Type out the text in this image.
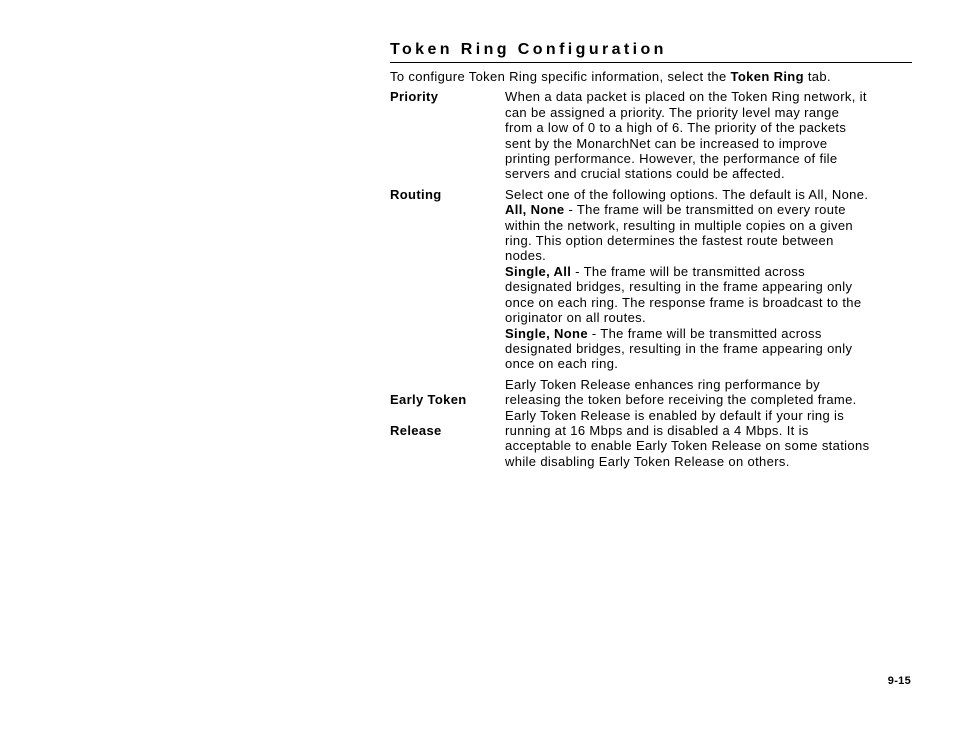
Token Ring Configuration
To configure Token Ring specific information, select the Token Ring tab.
Priority	When a data packet is placed on the Token Ring network, it
can be assigned a priority. The priority level may range
from a low of 0 to a high of 6. The priority of the packets
sent by the MonarchNet can be increased to improve
printing performance. However, the performance of file
servers and crucial stations could be affected.
Routing	Select one of the following options. The default is All, None.
All, None - The frame will be transmitted on every route
within the network, resulting in multiple copies on a given
ring. This option determines the fastest route between
nodes.
Single, All - The frame will be transmitted across
designated bridges, resulting in the frame appearing only
once on each ring. The response frame is broadcast to the
originator on all routes.
Single, None - The frame will be transmitted across
designated bridges, resulting in the frame appearing only
once on each ring.

Early Token

Release

Early Token Release enhances ring performance by
releasing the token before receiving the completed frame.
Early Token Release is enabled by default if your ring is
running at 16 Mbps and is disabled a 4 Mbps. It is
acceptable to enable Early Token Release on some stations
while disabling Early Token Release on others.
9-15
